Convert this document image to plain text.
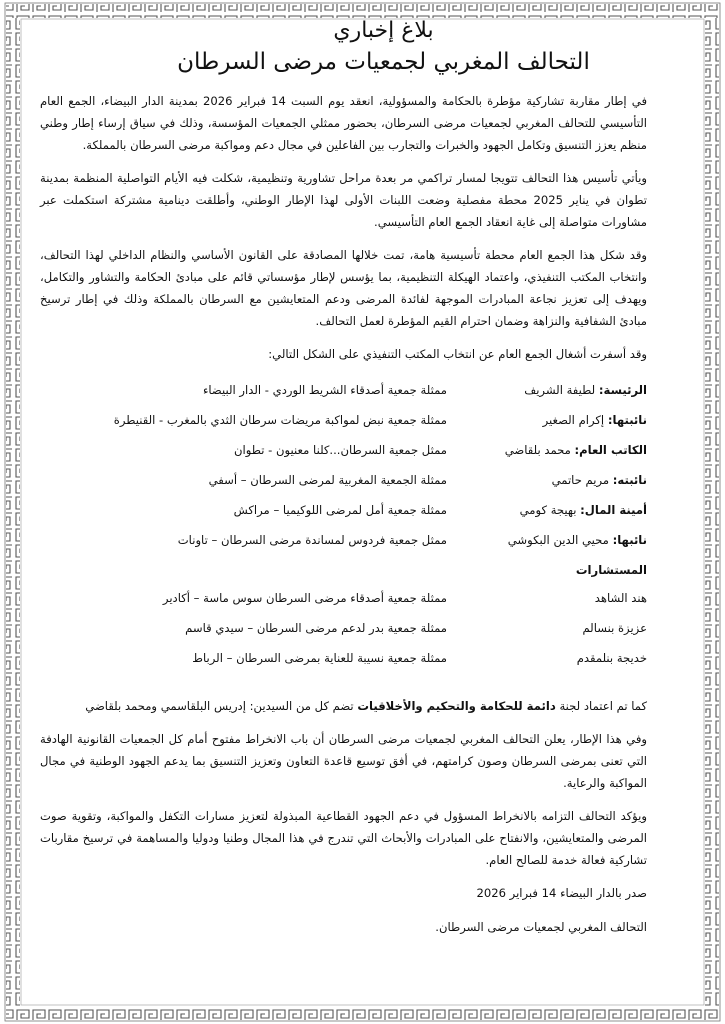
بلاغ إخباري
التحالف المغربي لجمعيات مرضى السرطان

في إطار مقاربة تشاركية مؤطرة بالحكامة والمسؤولية، انعقد يوم السبت 14 فبراير 2026 بمدينة الدار البيضاء، الجمع العام التأسيسي للتحالف المغربي لجمعيات مرضى السرطان، بحضور ممثلي الجمعيات المؤسسة، وذلك في سياق إرساء إطار وطني منظم يعزز التنسيق وتكامل الجهود والخبرات والتجارب بين الفاعلين في مجال دعم ومواكبة مرضى السرطان بالمملكة.

ويأتي تأسيس هذا التحالف تتويجا لمسار تراكمي مر بعدة مراحل تشاورية وتنظيمية، شكلت فيه الأيام التواصلية المنظمة بمدينة تطوان في يناير 2025 محطة مفصلية وضعت اللبنات الأولى لهذا الإطار الوطني، وأطلقت دينامية مشتركة استكملت عبر مشاورات متواصلة إلى غاية انعقاد الجمع العام التأسيسي.

وقد شكل هذا الجمع العام محطة تأسيسية هامة، تمت خلالها المصادقة على القانون الأساسي والنظام الداخلي لهذا التحالف، وانتخاب المكتب التنفيذي، واعتماد الهيكلة التنظيمية، بما يؤسس لإطار مؤسساتي قائم على مبادئ الحكامة والتشاور والتكامل، ويهدف إلى تعزيز نجاعة المبادرات الموجهة لفائدة المرضى ودعم المتعايشين مع السرطان بالمملكة وذلك في إطار ترسيخ مبادئ الشفافية والنزاهة وضمان احترام القيم المؤطرة لعمل التحالف.

وقد أسفرت أشغال الجمع العام عن انتخاب المكتب التنفيذي على الشكل التالي:

الرئيسة: لطيفة الشريف
ممثلة جمعية أصدقاء الشريط الوردي - الدار البيضاء
نائبتها: إكرام الصغير
ممثلة جمعية نبض لمواكبة مريضات سرطان الثدي بالمغرب - القنيطرة
الكاتب العام: محمد بلقاضي
ممثل جمعية السرطان...كلنا معنيون - تطوان
نائبته: مريم حاتمي
ممثلة الجمعية المغربية لمرضى السرطان – أسفي
أمينة المال: بهيجة كومي
ممثلة جمعية أمل لمرضى اللوكيميا – مراكش
نائبها: محيي الدين البكوشي
ممثل جمعية فردوس لمساندة مرضى السرطان – تاونات
المستشارات
هند الشاهد
ممثلة جمعية أصدقاء مرضى السرطان سوس ماسة – أكادير
عزيزة بنسالم
ممثلة جمعية بدر لدعم مرضى السرطان – سيدي قاسم
خديجة بنلمقدم
ممثلة جمعية نسيبة للعناية بمرضى السرطان – الرباط

كما تم اعتماد لجنة دائمة للحكامة والتحكيم والأخلاقيات تضم كل من السيدين: إدريس البلقاسمي ومحمد بلقاضي

وفي هذا الإطار، يعلن التحالف المغربي لجمعيات مرضى السرطان أن باب الانخراط مفتوح أمام كل الجمعيات القانونية الهادفة التي تعنى بمرضى السرطان وصون كرامتهم، في أفق توسيع قاعدة التعاون وتعزيز التنسيق بما يدعم الجهود الوطنية في مجال المواكبة والرعاية.

ويؤكد التحالف التزامه بالانخراط المسؤول في دعم الجهود القطاعية المبذولة لتعزيز مسارات التكفل والمواكبة، وتقوية صوت المرضى والمتعايشين، والانفتاح على المبادرات والأبحاث التي تندرج في هذا المجال وطنيا ودوليا والمساهمة في ترسيخ مقاربات تشاركية فعالة خدمة للصالح العام.

صدر بالدار البيضاء 14 فبراير 2026

التحالف المغربي لجمعيات مرضى السرطان.
